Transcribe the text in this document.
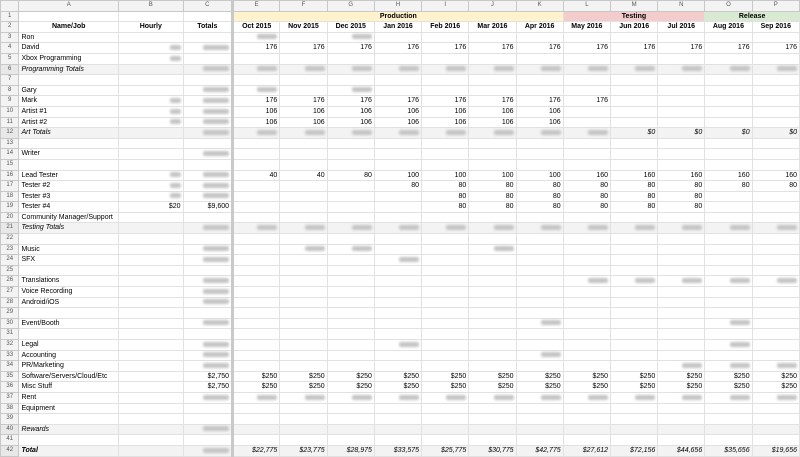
	A	B	C	E	F	G	H	I	J	K	L	M	N	O	P
1				Production							Testing			Release	
2	Name/Job	Hourly	Totals	Oct 2015	Nov 2015	Dec 2015	Jan 2016	Feb 2016	Mar 2016	Apr 2016	May 2016	Jun 2016	Jul 2016	Aug 2016	Sep 2016
3	Ron														
4	David			176	176	176	176	176	176	176	176	176	176	176	176
5	Xbox Programming														
6	Programming Totals														
7															
8	Gary														
9	Mark			176	176	176	176	176	176	176	176				
10	Artist #1			106	106	106	106	106	106	106					
11	Artist #2			106	106	106	106	106	106	106					
12	Art Totals											$0	$0	$0	$0
13															
14	Writer														
15															
16	Lead Tester			40	40	80	100	100	100	100	160	160	160	160	160
17	Tester #2						80	80	80	80	80	80	80	80	80
18	Tester #3							80	80	80	80	80	80		
19	Tester #4	$20	$9,600					80	80	80	80	80	80		
20	Community Manager/Support														
21	Testing Totals														
22															
23	Music														
24	SFX														
25															
26	Translations														
27	Voice Recording														
28	Android/iOS														
29															
30	Event/Booth														
31															
32	Legal														
33	Accounting														
34	PR/Marketing														
35	Software/Servers/Cloud/Etc		$2,750	$250	$250	$250	$250	$250	$250	$250	$250	$250	$250	$250	$250
36	Misc Stuff		$2,750	$250	$250	$250	$250	$250	$250	$250	$250	$250	$250	$250	$250
37	Rent														
38	Equipment														
39															
40	Rewards														
41															
42	Total			$22,775	$23,775	$28,975	$33,575	$25,775	$30,775	$42,775	$27,612	$72,156	$44,656	$35,656	$19,656
